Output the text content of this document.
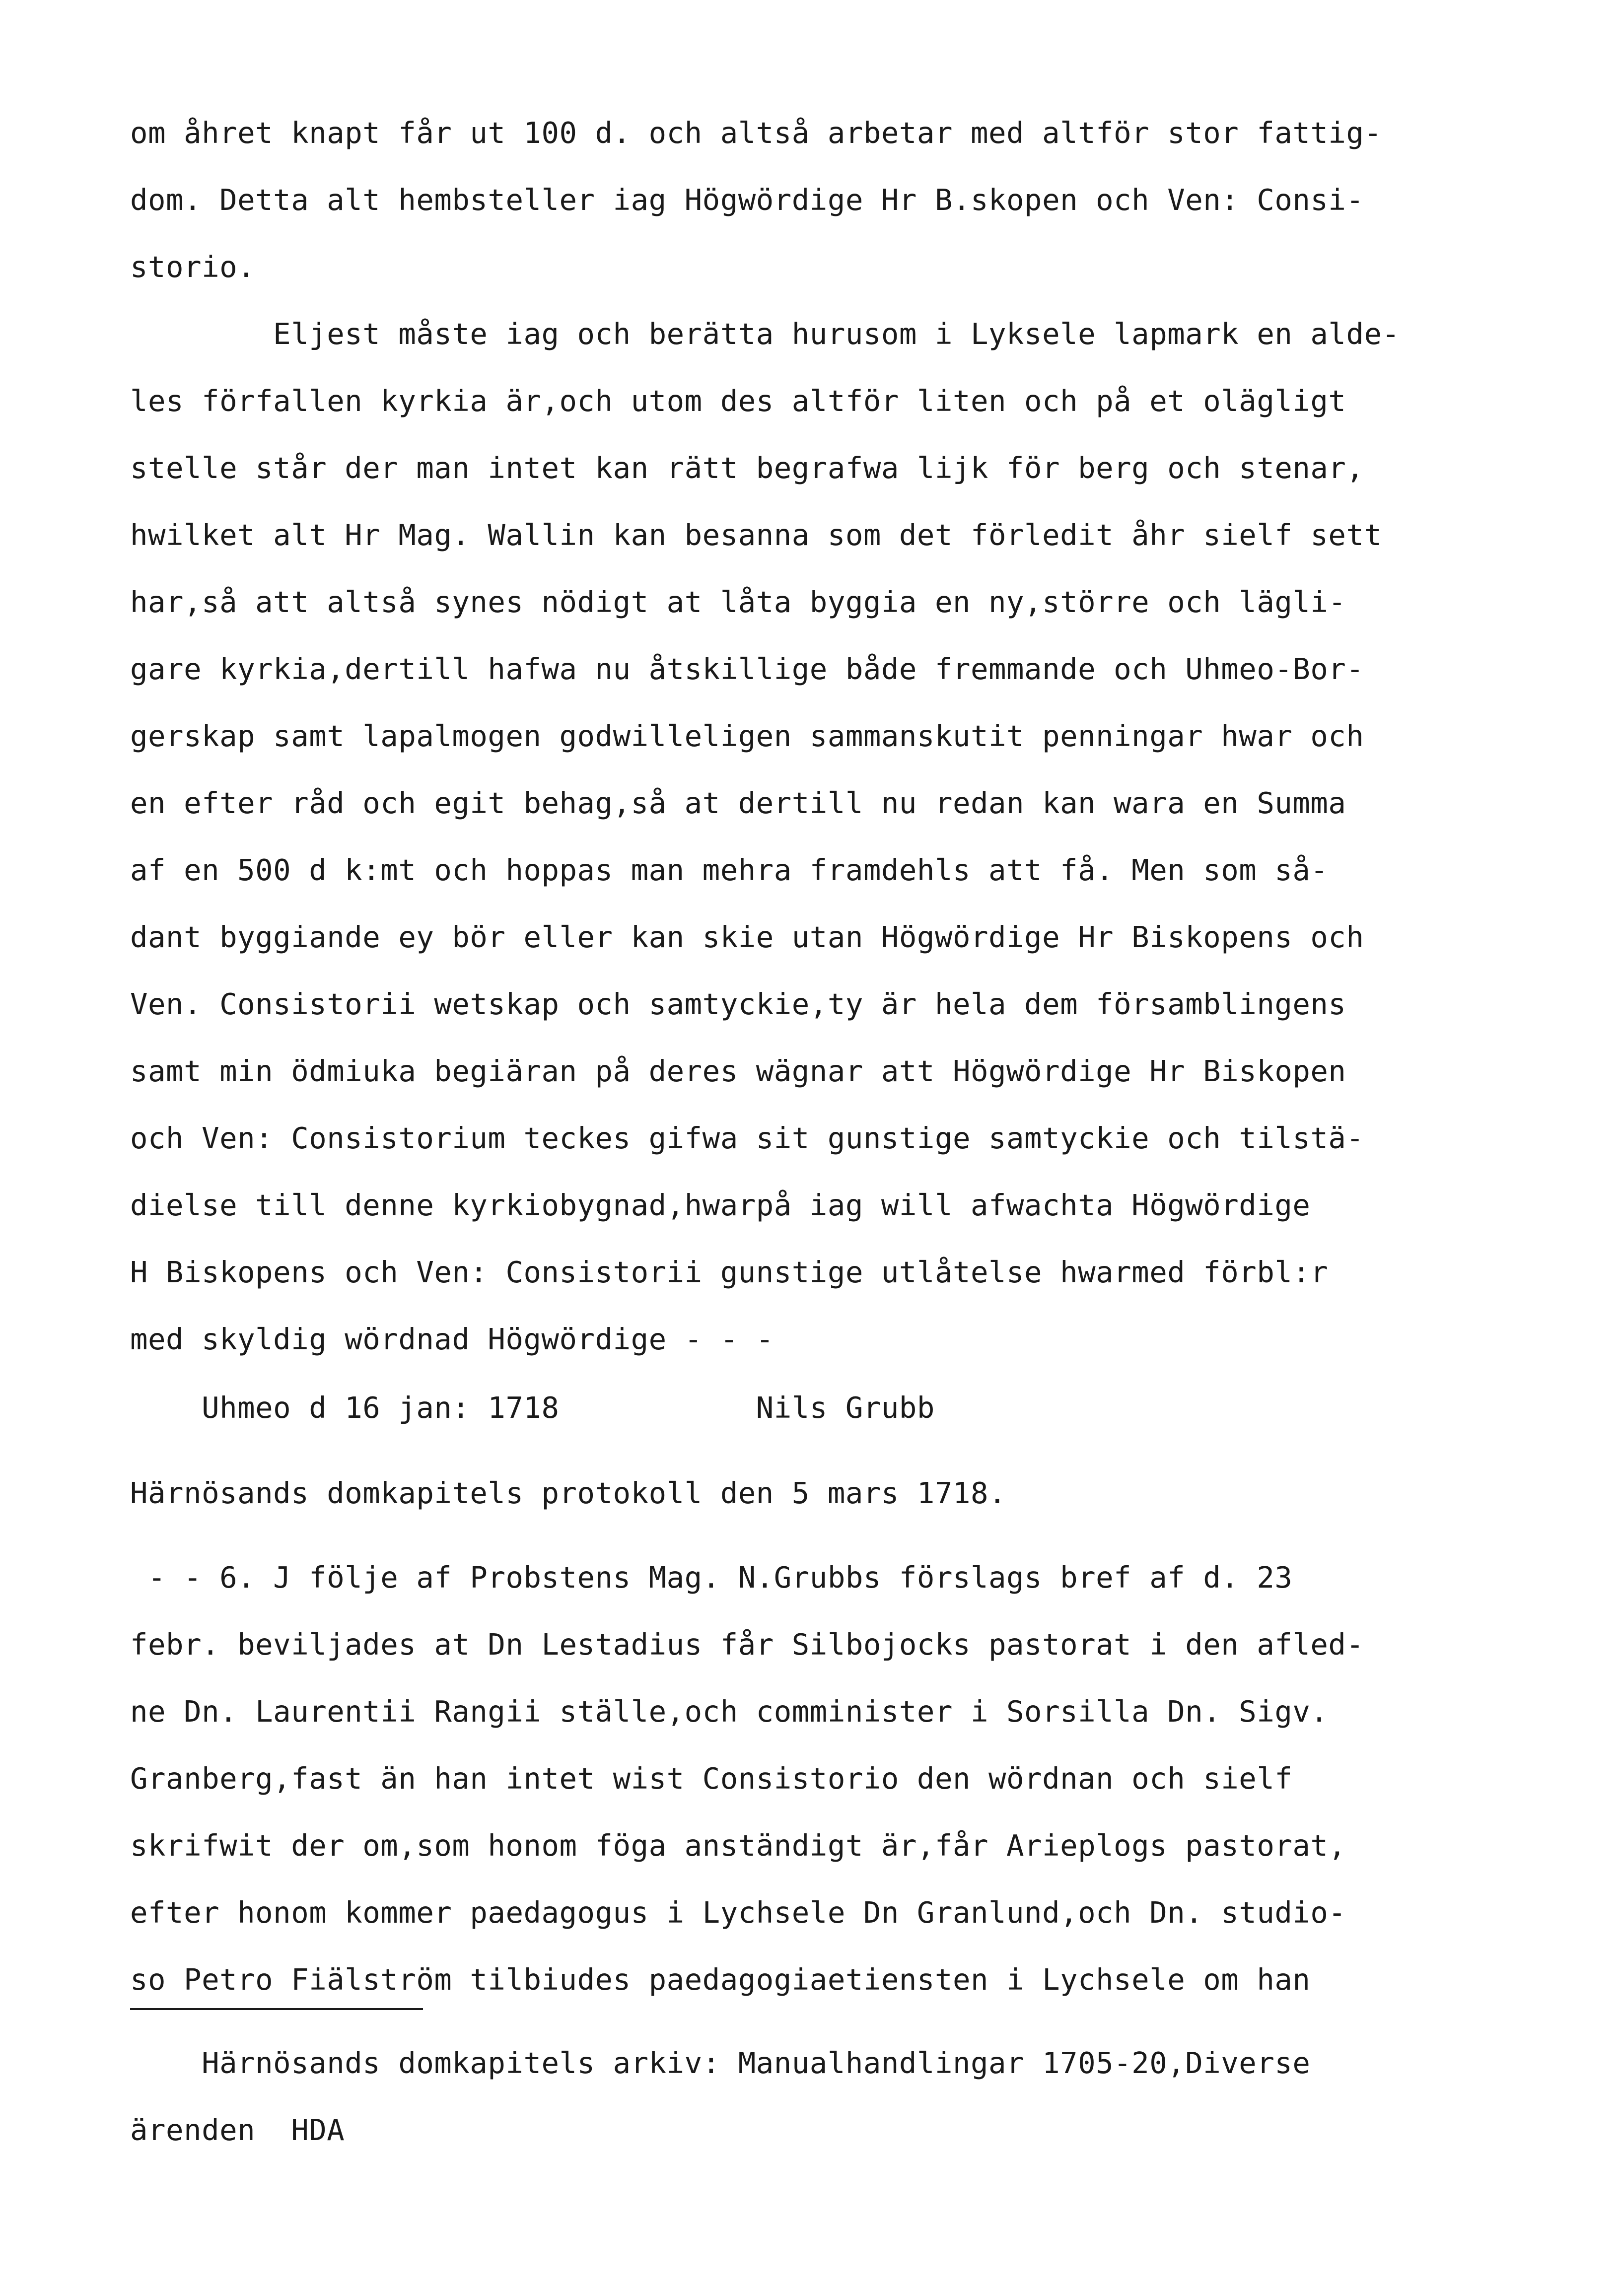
om åhret knapt får ut 100 d. och altså arbetar med altför stor fattig-

dom. Detta alt hembsteller iag Högwördige Hr B.skopen och Ven: Consi-

storio.

Eljest måste iag och berätta hurusom i Lyksele lapmark en alde-

les förfallen kyrkia är,och utom des altför liten och på et olägligt

stelle står der man intet kan rätt begrafwa lijk för berg och stenar,

hwilket alt Hr Mag. Wallin kan besanna som det förledit åhr sielf sett

har,så att altså synes nödigt at låta byggia en ny,större och lägli-

gare kyrkia,dertill hafwa nu åtskillige både fremmande och Uhmeo-Bor-

gerskap samt lapalmogen godwilleligen sammanskutit penningar hwar och

en efter råd och egit behag,så at dertill nu redan kan wara en Summa

af en 500 d k:mt och hoppas man mehra framdehls att få. Men som så-

dant byggiande ey bör eller kan skie utan Högwördige Hr Biskopens och

Ven. Consistorii wetskap och samtyckie,ty är hela dem församblingens

samt min ödmiuka begiäran på deres wägnar att Högwördige Hr Biskopen

och Ven: Consistorium teckes gifwa sit gunstige samtyckie och tilstä-

dielse till denne kyrkiobygnad,hwarpå iag will afwachta Högwördige

H Biskopens och Ven: Consistorii gunstige utlåtelse hwarmed förbl:r

med skyldig wördnad Högwördige - - -

Uhmeo d 16 jan: 1718           Nils Grubb

Härnösands domkapitels protokoll den 5 mars 1718.

- - 6. J följe af Probstens Mag. N.Grubbs förslags bref af d. 23

febr. beviljades at Dn Lestadius får Silbojocks pastorat i den afled-

ne Dn. Laurentii Rangii ställe,och comminister i Sorsilla Dn. Sigv.

Granberg,fast än han intet wist Consistorio den wördnan och sielf

skrifwit der om,som honom föga anständigt är,får Arieplogs pastorat,

efter honom kommer paedagogus i Lychsele Dn Granlund,och Dn. studio-

so Petro Fiälström tilbiudes paedagogiaetiensten i Lychsele om han

Härnösands domkapitels arkiv: Manualhandlingar 1705-20,Diverse

ärenden  HDA
